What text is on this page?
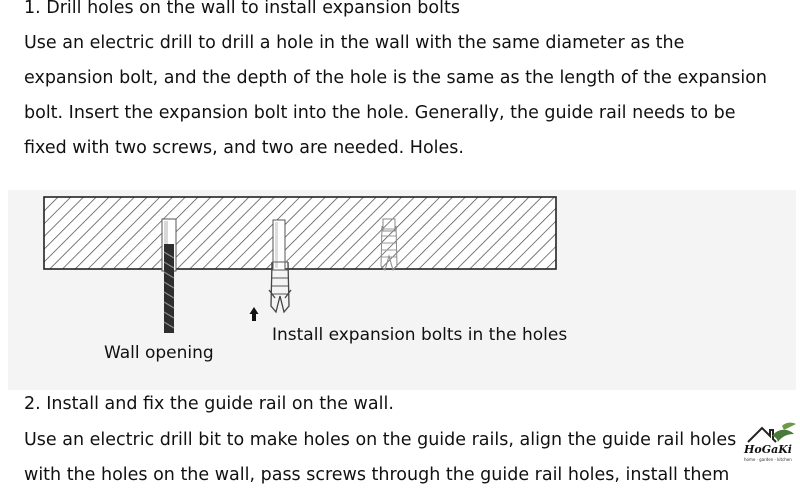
1. Drill holes on the wall to install expansion bolts
Use an electric drill to drill a hole in the wall with the same diameter as the
expansion bolt, and the depth of the hole is the same as the length of the expansion
bolt. Insert the expansion bolt into the hole. Generally, the guide rail needs to be
fixed with two screws, and two are needed. Holes.
Wall opening
Install expansion bolts in the holes
2. Install and fix the guide rail on the wall.
Use an electric drill bit to make holes on the guide rails, align the guide rail holes
with the holes on the wall, pass screws through the guide rail holes, install them
HoGaKi
home · garden · kitchen
